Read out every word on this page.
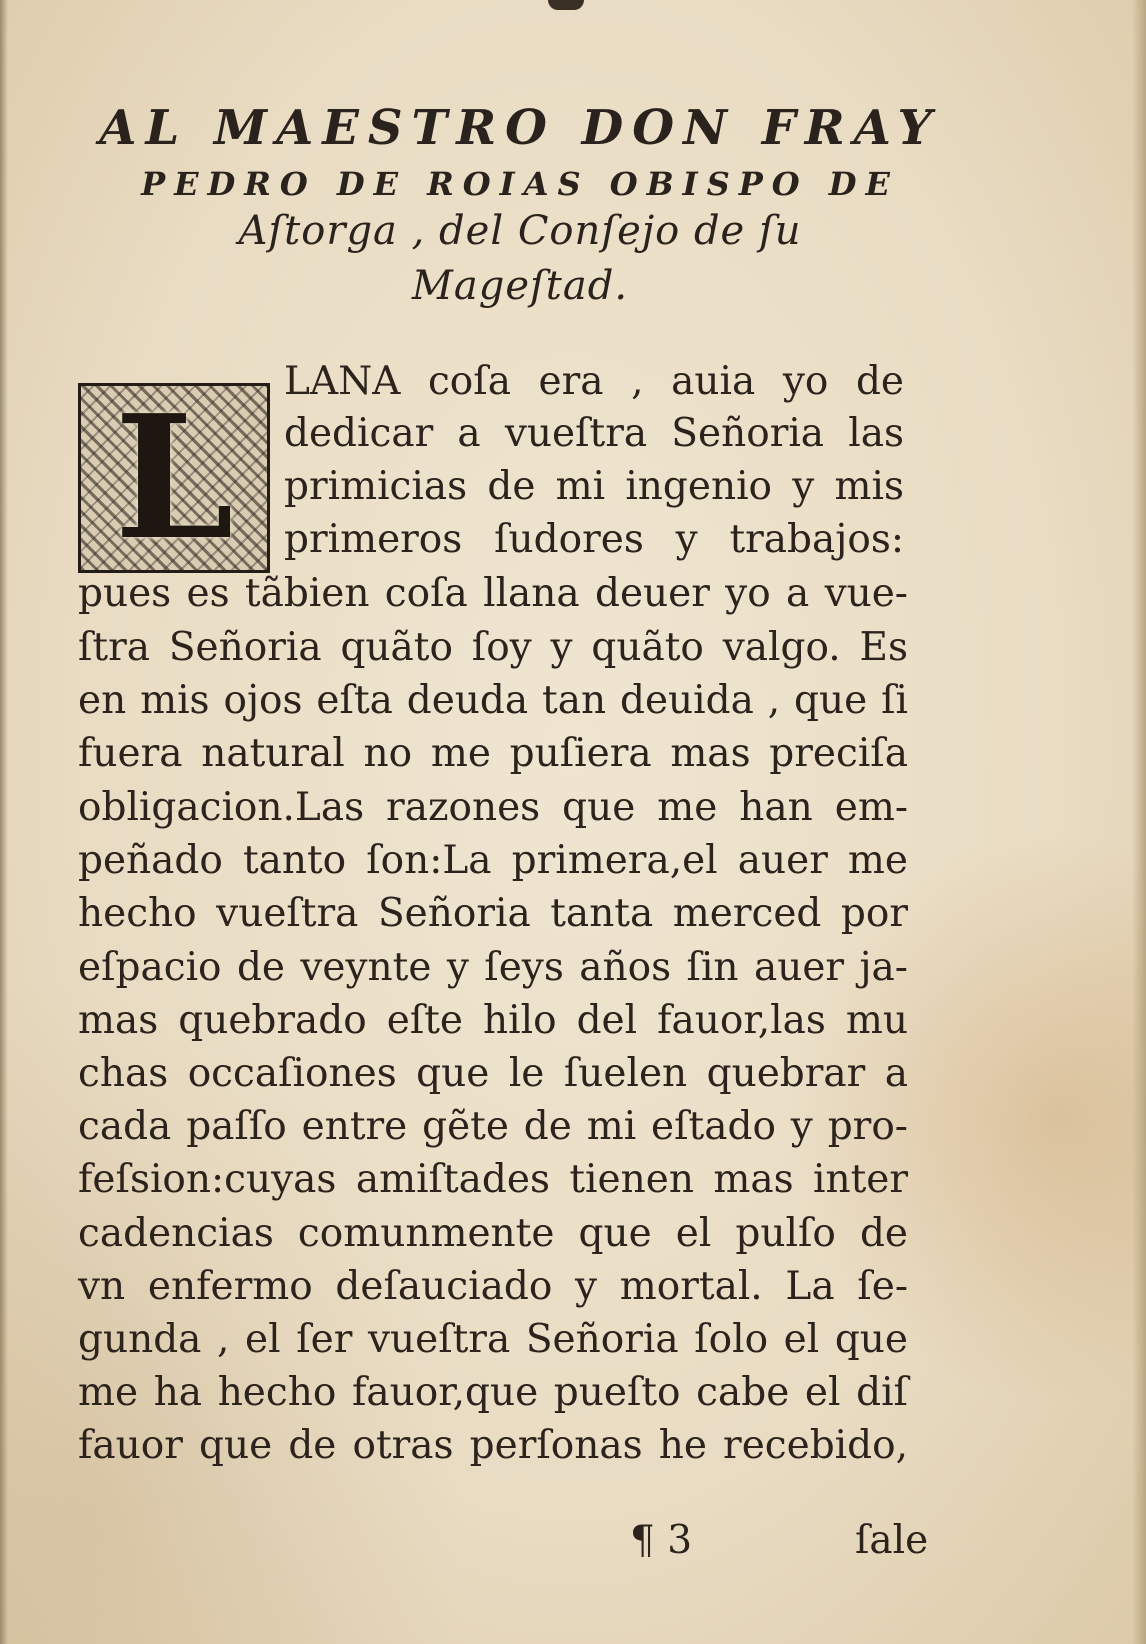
AL MAESTRO DON FRAY
PEDRO DE ROIAS OBISPO DE
Aſtorga , del Conſejo de ſu
Mageſtad.
L	LANA coſa era , auia yo de
dedicar a vueſtra Señoria las
primicias de mi ingenio y mis
primeros ſudores y trabajos:
pues es tãbien coſa llana deuer yo a vue-
ſtra Señoria quãto ſoy y quãto valgo. Es
en mis ojos eſta deuda tan deuida , que ſi
fuera natural no me puſiera mas preciſa
obligacion.Las razones que me han em-
peñado tanto ſon:La primera,el auer me
hecho vueſtra Señoria tanta merced por
eſpacio de veynte y ſeys años ſin auer ja-
mas quebrado eſte hilo del fauor,las mu
chas occaſiones que le ſuelen quebrar a
cada paſſo entre gẽte de mi eſtado y pro-
feſsion:cuyas amiſtades tienen mas inter
cadencias comunmente que el pulſo de
vn enfermo deſauciado y mortal. La ſe-
gunda , el ſer vueſtra Señoria ſolo el que
me ha hecho fauor,que pueſto cabe el diſ
fauor que de otras perſonas he recebido,
¶ 3	ſale
